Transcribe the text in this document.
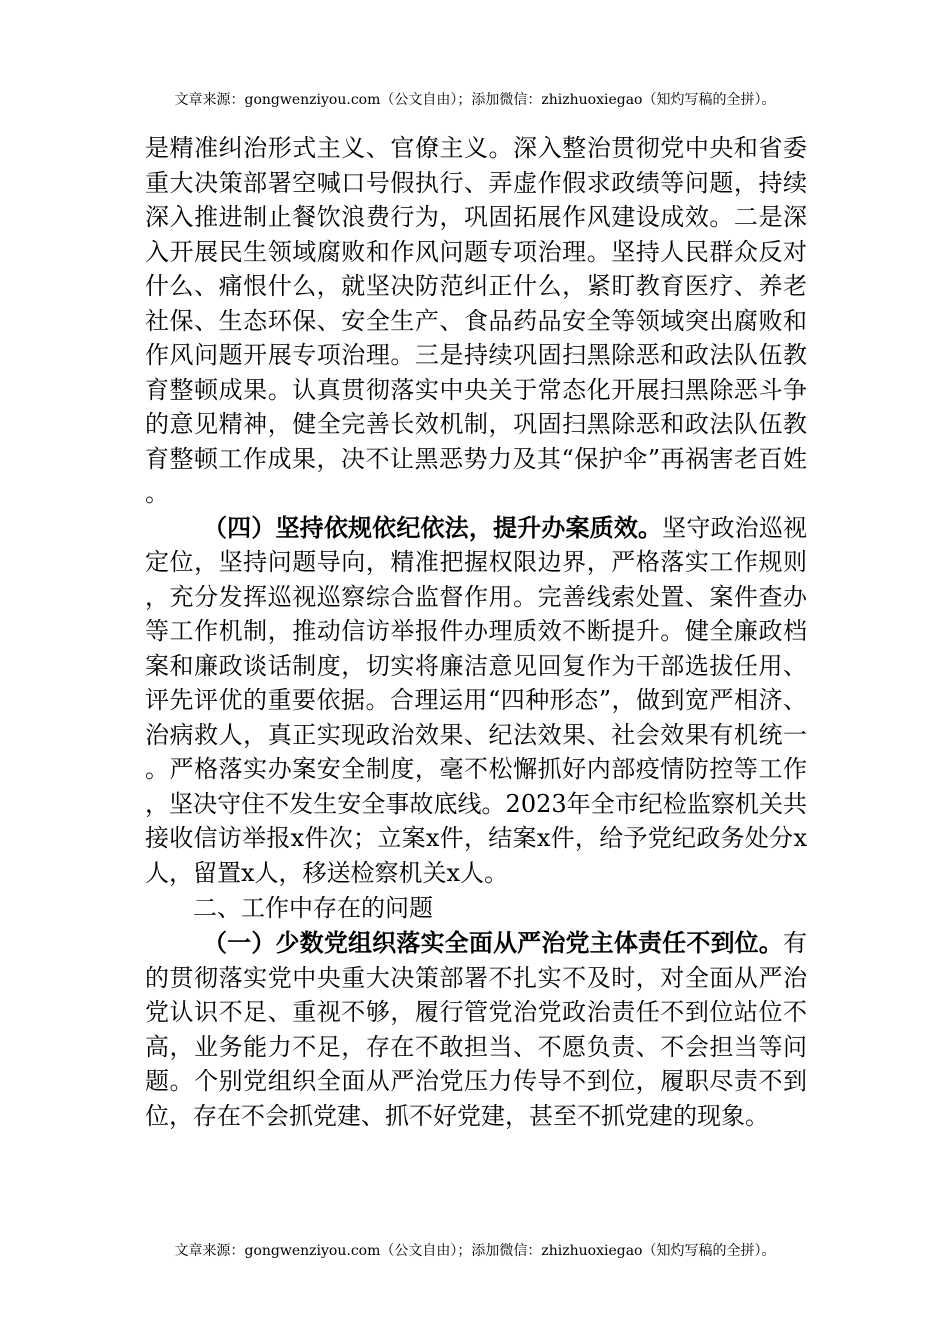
文章来源：gongwenziyou.com（公文自由）；添加微信：zhizhuoxiegao（知灼写稿的全拼）。

是精准纠治形式主义、官僚主义。深入整治贯彻党中央和省委重大决策部署空喊口号假执行、弄虚作假求政绩等问题，持续深入推进制止餐饮浪费行为，巩固拓展作风建设成效。二是深入开展民生领域腐败和作风问题专项治理。坚持人民群众反对什么、痛恨什么，就坚决防范纠正什么，紧盯教育医疗、养老社保、生态环保、安全生产、食品药品安全等领域突出腐败和作风问题开展专项治理。三是持续巩固扫黑除恶和政法队伍教育整顿成果。认真贯彻落实中央关于常态化开展扫黑除恶斗争的意见精神，健全完善长效机制，巩固扫黑除恶和政法队伍教育整顿工作成果，决不让黑恶势力及其“保护伞”再祸害老百姓。

（四）坚持依规依纪依法，提升办案质效。坚守政治巡视定位，坚持问题导向，精准把握权限边界，严格落实工作规则，充分发挥巡视巡察综合监督作用。完善线索处置、案件查办等工作机制，推动信访举报件办理质效不断提升。健全廉政档案和廉政谈话制度，切实将廉洁意见回复作为干部选拔任用、评先评优的重要依据。合理运用“四种形态”，做到宽严相济、治病救人，真正实现政治效果、纪法效果、社会效果有机统一。严格落实办案安全制度，毫不松懈抓好内部疫情防控等工作，坚决守住不发生安全事故底线。2023年全市纪检监察机关共接收信访举报x件次；立案x件，结案x件，给予党纪政务处分x人，留置x人，移送检察机关x人。

二、工作中存在的问题

（一）少数党组织落实全面从严治党主体责任不到位。有的贯彻落实党中央重大决策部署不扎实不及时，对全面从严治党认识不足、重视不够，履行管党治党政治责任不到位站位不高，业务能力不足，存在不敢担当、不愿负责、不会担当等问题。个别党组织全面从严治党压力传导不到位，履职尽责不到位，存在不会抓党建、抓不好党建，甚至不抓党建的现象。

文章来源：gongwenziyou.com（公文自由）；添加微信：zhizhuoxiegao（知灼写稿的全拼）。
